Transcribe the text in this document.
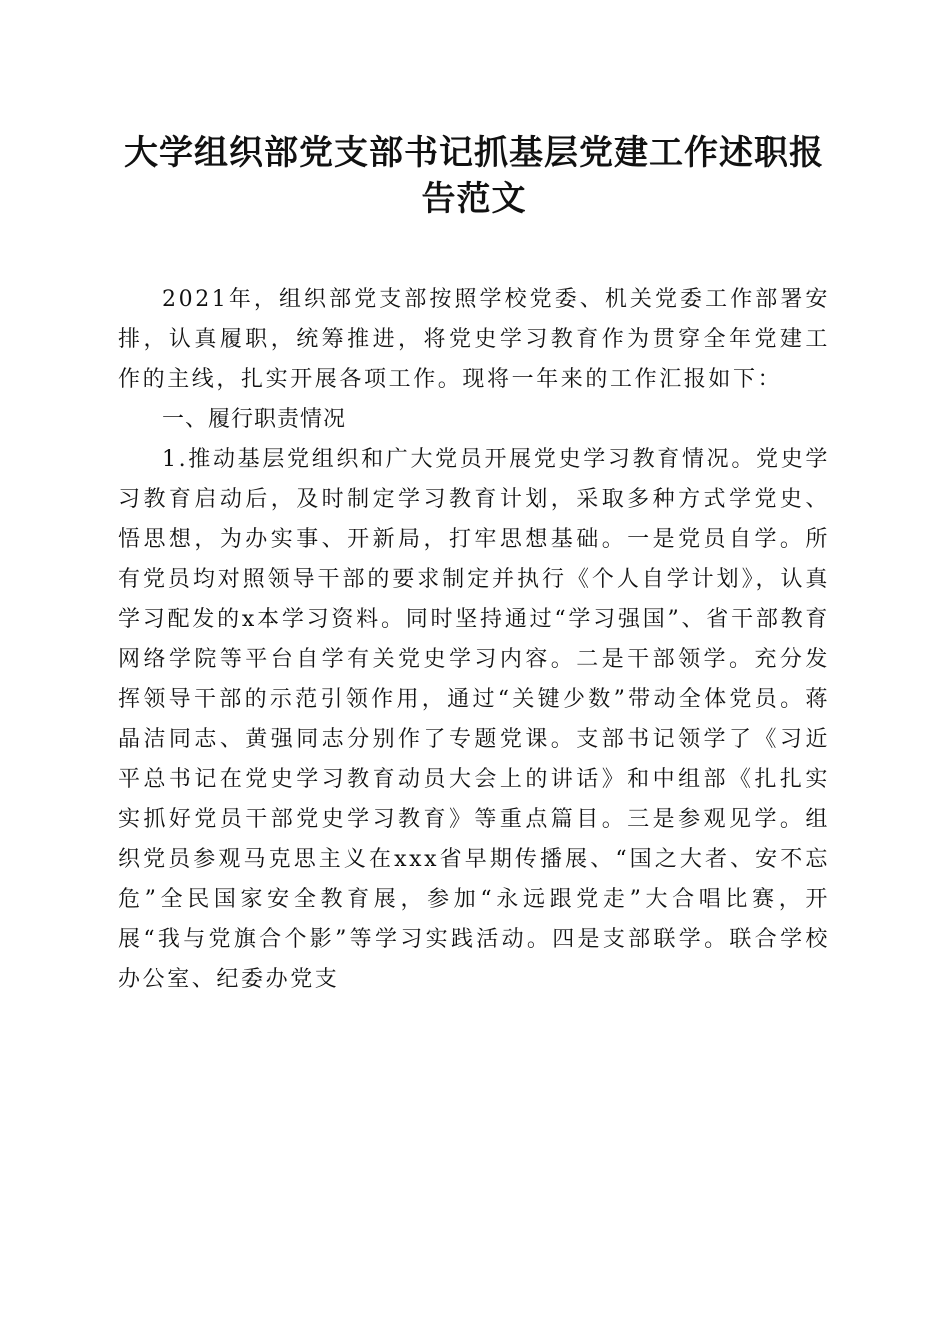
大学组织部党支部书记抓基层党建工作述职报
告范文

2021年，组织部党支部按照学校党委、机关党委工作部署安排，认真履职，统筹推进，将党史学习教育作为贯穿全年党建工作的主线，扎实开展各项工作。现将一年来的工作汇报如下：

一、履行职责情况

1.推动基层党组织和广大党员开展党史学习教育情况。党史学习教育启动后，及时制定学习教育计划，采取多种方式学党史、悟思想，为办实事、开新局，打牢思想基础。一是党员自学。所有党员均对照领导干部的要求制定并执行《个人自学计划》，认真学习配发的x本学习资料。同时坚持通过“学习强国”、省干部教育网络学院等平台自学有关党史学习内容。二是干部领学。充分发挥领导干部的示范引领作用，通过“关键少数”带动全体党员。蒋晶洁同志、黄强同志分别作了专题党课。支部书记领学了《习近平总书记在党史学习教育动员大会上的讲话》和中组部《扎扎实实抓好党员干部党史学习教育》等重点篇目。三是参观见学。组织党员参观马克思主义在xxx省早期传播展、“国之大者、安不忘危”全民国家安全教育展，参加“永远跟党走”大合唱比赛，开展“我与党旗合个影”等学习实践活动。四是支部联学。联合学校办公室、纪委办党支
